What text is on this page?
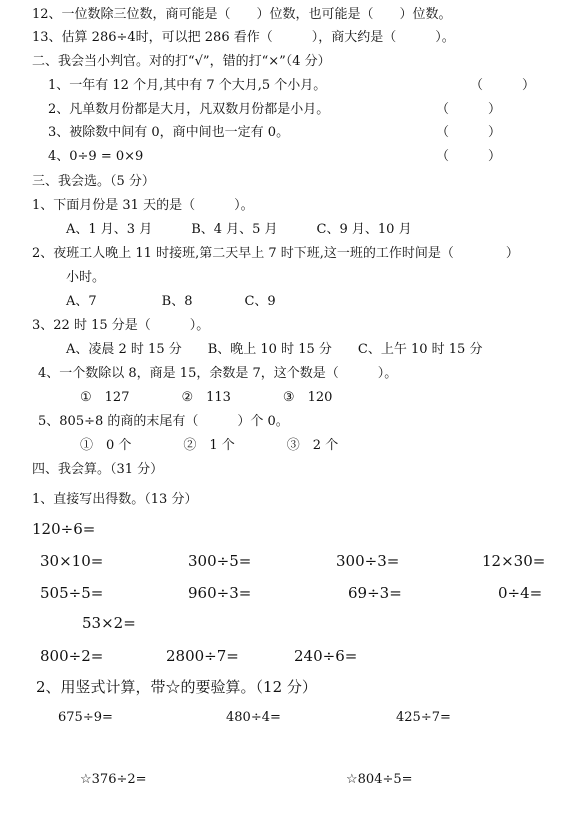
12、一位数除三位数，商可能是（　　）位数，也可能是（　　）位数。
13、估算 286÷4时，可以把 286 看作（　　　），商大约是（　　　）。
二、我会当小判官。对的打“√”，错的打“×”（4 分）
1、一年有 12 个月,其中有 7 个大月,5 个小月。	（　　　）
2、凡单数月份都是大月，凡双数月份都是小月。	（　　　）
3、被除数中间有 0，商中间也一定有 0。	（　　　）
4、0÷9 = 0×9	（　　　）
三、我会选。（5 分）
1、下面月份是 31 天的是（　　　）。
A、1 月、3 月　　　B、4 月、5 月　　　C、9 月、10 月
2、夜班工人晚上 11 时接班,第二天早上 7 时下班,这一班的工作时间是（　　　　）
小时。
A、7　　　　　B、8　　　　C、9
3、22 时 15 分是（　　　）。
A、凌晨 2 时 15 分　　B、晚上 10 时 15 分　　C、上午 10 时 15 分
4、一个数除以 8，商是 15，余数是 7，这个数是（　　　）。
①　127　　　　②　113　　　　③　120
5、805÷8 的商的末尾有（　　　）个 0。
①　0 个　　　　②　1 个　　　　③　2 个
四、我会算。（31 分）
1、直接写出得数。（13 分）
120÷6=
30×10=	300÷5=	300÷3=	12×30=
505÷5=	960÷3=	69÷3=	0÷4=
53×2=
800÷2=	2800÷7=	240÷6=
2、用竖式计算，带☆的要验算。（12 分）
675÷9=	480÷4=	425÷7=
☆376÷2=	☆804÷5=
